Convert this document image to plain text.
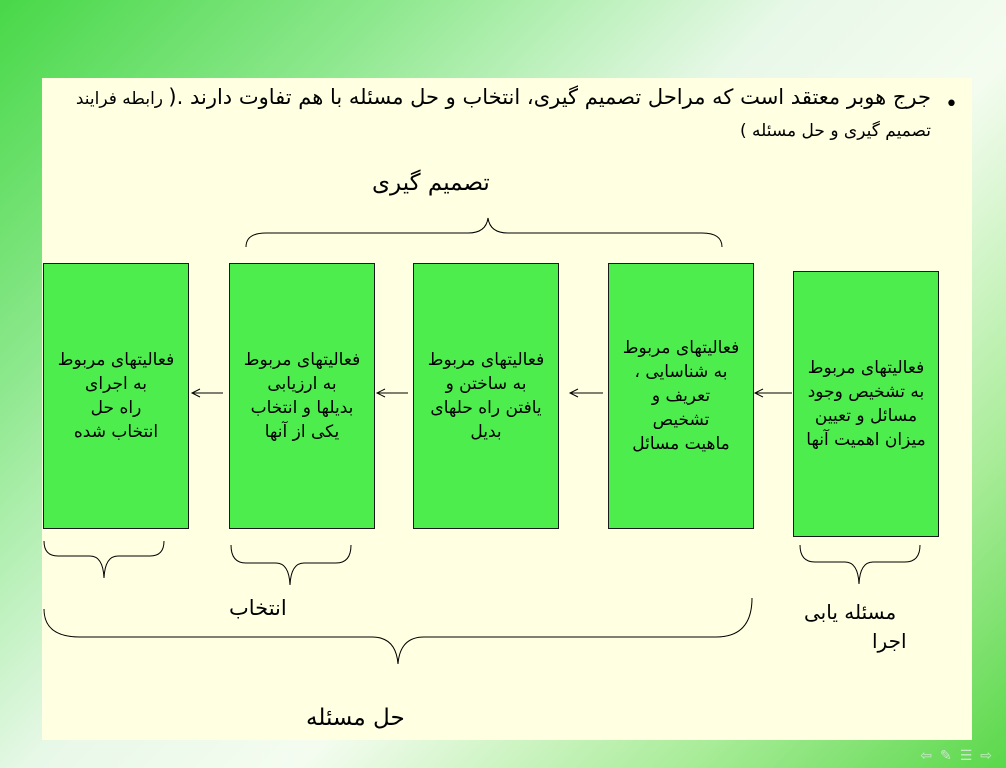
•
جرج هوبر معتقد است که مراحل تصمیم گیری، انتخاب و حل مسئله با هم تفاوت دارند .( رابطه فرایند تصمیم گیری و حل مسئله )
تصمیم گیری
فعالیتهای مربوط
به تشخیص وجود
مسائل و تعیین
میزان اهمیت آنها
فعالیتهای مربوط
به شناسایی ،
تعریف و
تشخیص
ماهیت مسائل
فعالیتهای مربوط
به ساختن و
یافتن راه حلهای
بدیل
فعالیتهای مربوط
به ارزیابی
بدیلها و انتخاب
یکی از آنها
فعالیتهای مربوط
به اجرای
راه حل
انتخاب شده
انتخاب	مسئله یابی
اجرا
حل مسئله
⇦✎☰⇨
